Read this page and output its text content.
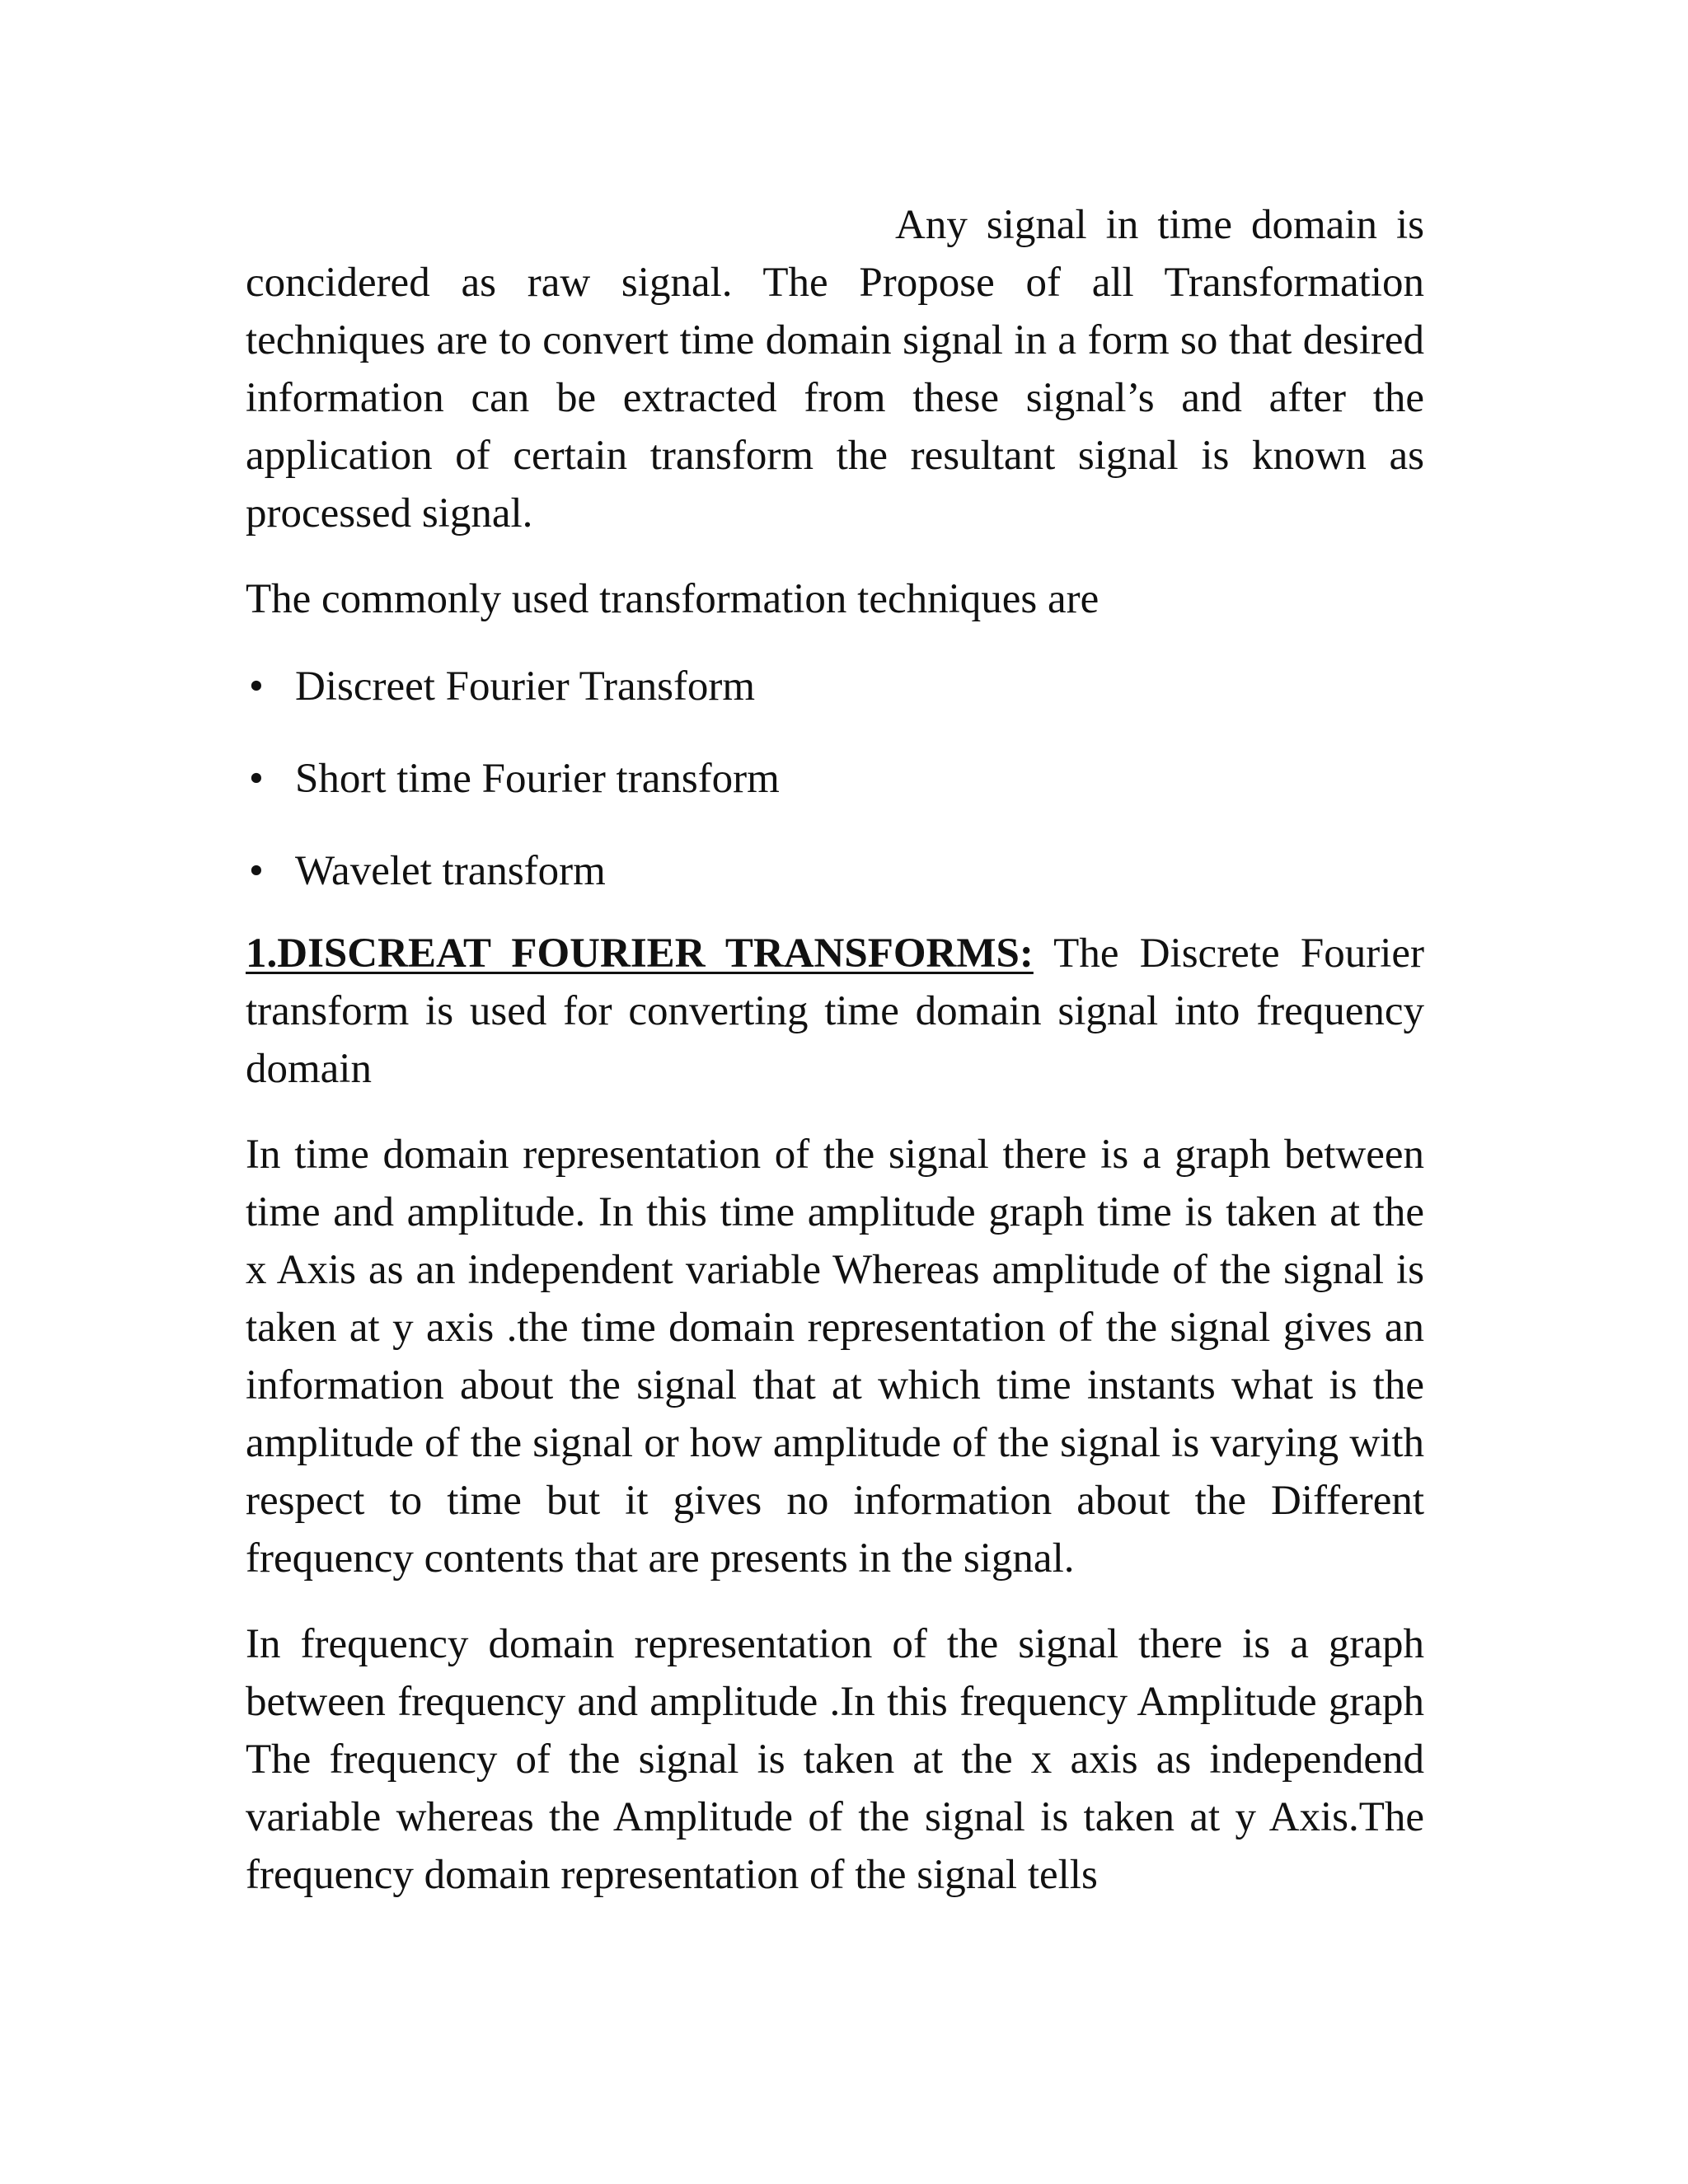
Any signal in time domain is concidered as raw signal. The Propose of all Transformation techniques are to convert time domain signal in a form so that desired information can be extracted from these signal’s and after the application of certain transform the resultant signal is known as processed signal.

The commonly used transformation techniques are

• Discreet Fourier Transform
• Short time Fourier transform
• Wavelet transform

1.DISCREAT FOURIER TRANSFORMS: The Discrete Fourier transform is used for converting time domain signal into frequency domain

In time domain representation of the signal there is a graph between time and amplitude. In this time amplitude graph time is taken at the x Axis as an independent variable Whereas amplitude of the signal is taken at y axis .the time domain representation of the signal gives an information about the signal that at which time instants what is the amplitude of the signal or how amplitude of the signal is varying with respect to time but it gives no information about the Different frequency contents that are presents in the signal.

In frequency domain representation of the signal there is a graph between frequency and amplitude .In this frequency Amplitude graph The frequency of the signal is taken at the x axis as independend variable whereas the Amplitude of the signal is taken at y Axis.The frequency domain representation of the signal tells
